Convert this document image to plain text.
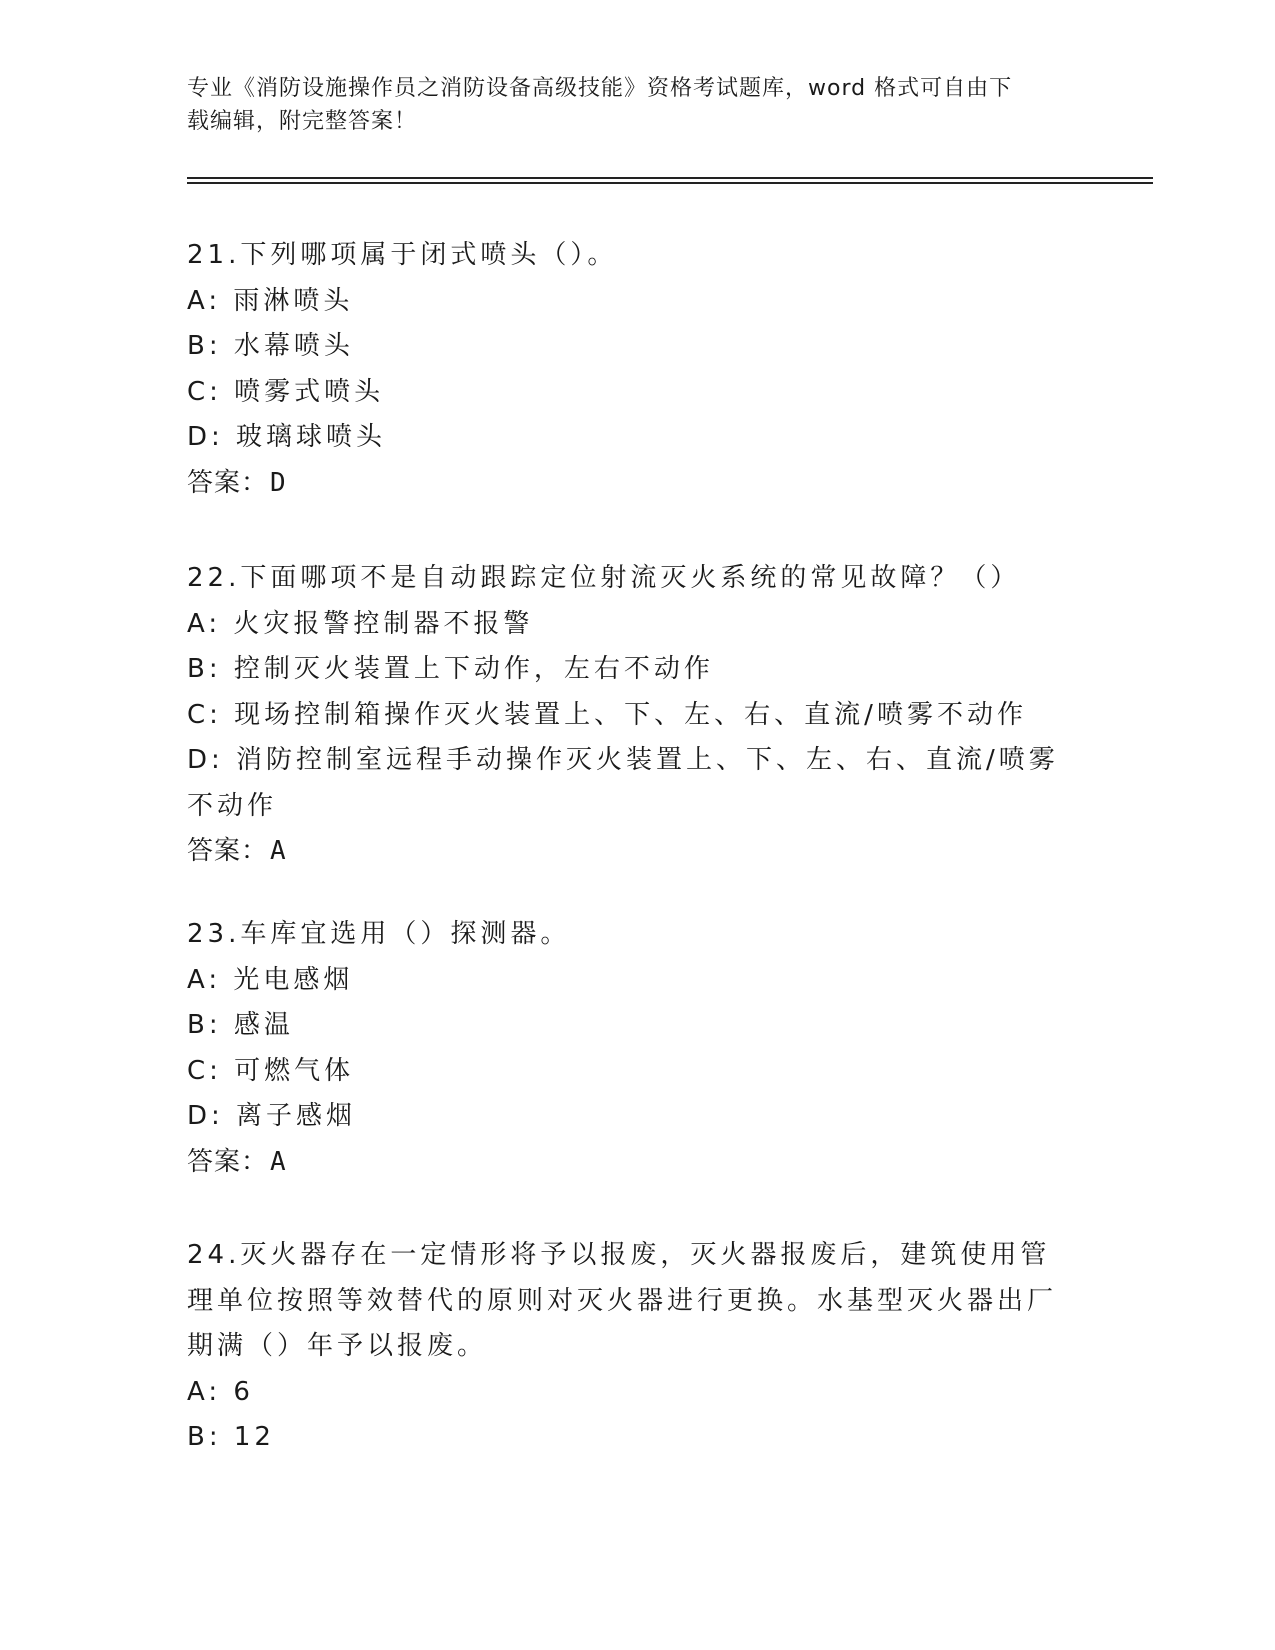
专业《消防设施操作员之消防设备高级技能》资格考试题库，word 格式可自由下
载编辑，附完整答案！

21.下列哪项属于闭式喷头（）。

A: 雨淋喷头

B: 水幕喷头

C: 喷雾式喷头

D: 玻璃球喷头

答案：D

22.下面哪项不是自动跟踪定位射流灭火系统的常见故障？（）

A: 火灾报警控制器不报警

B: 控制灭火装置上下动作，左右不动作

C: 现场控制箱操作灭火装置上、下、左、右、直流/喷雾不动作

D: 消防控制室远程手动操作灭火装置上、下、左、右、直流/喷雾不动作

答案：A

23.车库宜选用（）探测器。

A: 光电感烟

B: 感温

C: 可燃气体

D: 离子感烟

答案：A

24.灭火器存在一定情形将予以报废，灭火器报废后，建筑使用管理单位按照等效替代的原则对灭火器进行更换。水基型灭火器出厂期满（）年予以报废。

A: 6

B: 12
